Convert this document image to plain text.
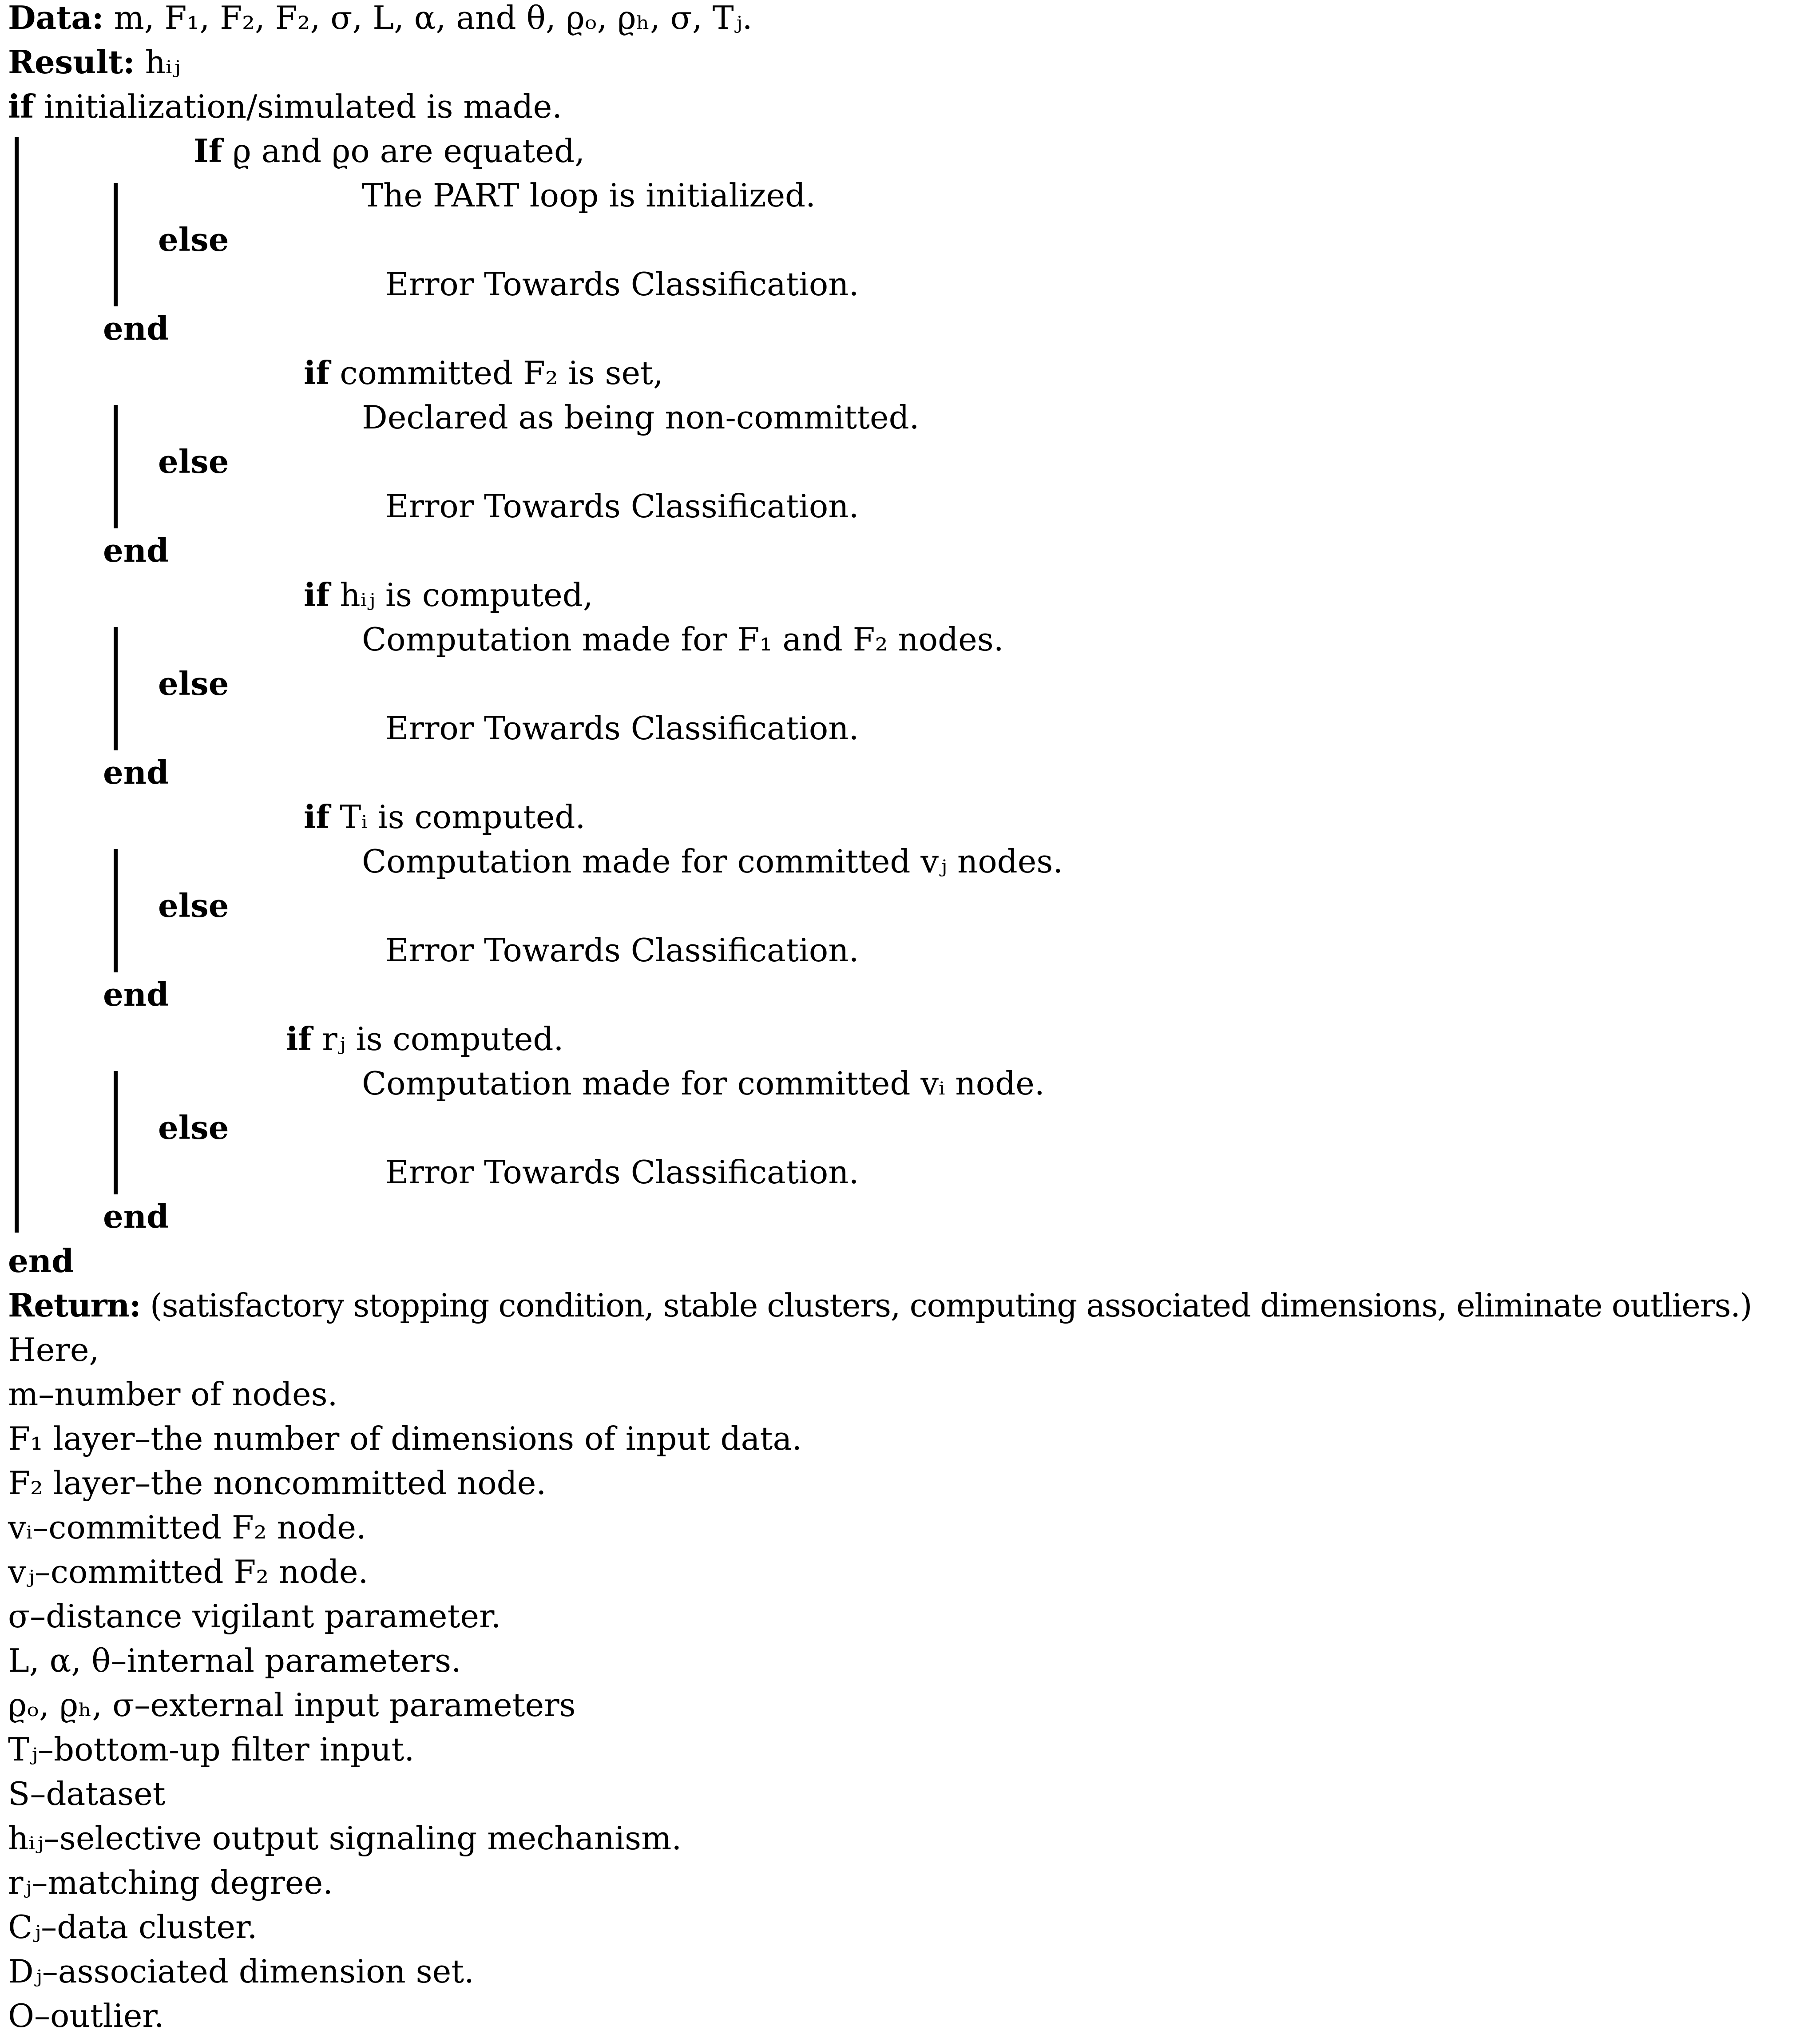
Data: m, F₁, F₂, F₂, σ, L, α, and θ, ϱₒ, ϱₕ, σ, Tⱼ.
Result: hᵢⱼ
if initialization/simulated is made.
If ϱ and ϱo are equated,
The PART loop is initialized.
else
Error Towards Classification.
end
if committed F₂ is set,
Declared as being non-committed.
else
Error Towards Classification.
end
if hᵢⱼ is computed,
Computation made for F₁ and F₂ nodes.
else
Error Towards Classification.
end
if Tᵢ is computed.
Computation made for committed vⱼ nodes.
else
Error Towards Classification.
end
if rⱼ is computed.
Computation made for committed vᵢ node.
else
Error Towards Classification.
end
end
Return: (satisfactory stopping condition, stable clusters, computing associated dimensions, eliminate outliers.)
Here,
m–number of nodes.
F₁ layer–the number of dimensions of input data.
F₂ layer–the noncommitted node.
vᵢ–committed F₂ node.
vⱼ–committed F₂ node.
σ–distance vigilant parameter.
L, α, θ–internal parameters.
ϱₒ, ϱₕ, σ–external input parameters
Tⱼ–bottom-up filter input.
S–dataset
hᵢⱼ–selective output signaling mechanism.
rⱼ–matching degree.
Cⱼ–data cluster.
Dⱼ–associated dimension set.
O–outlier.
